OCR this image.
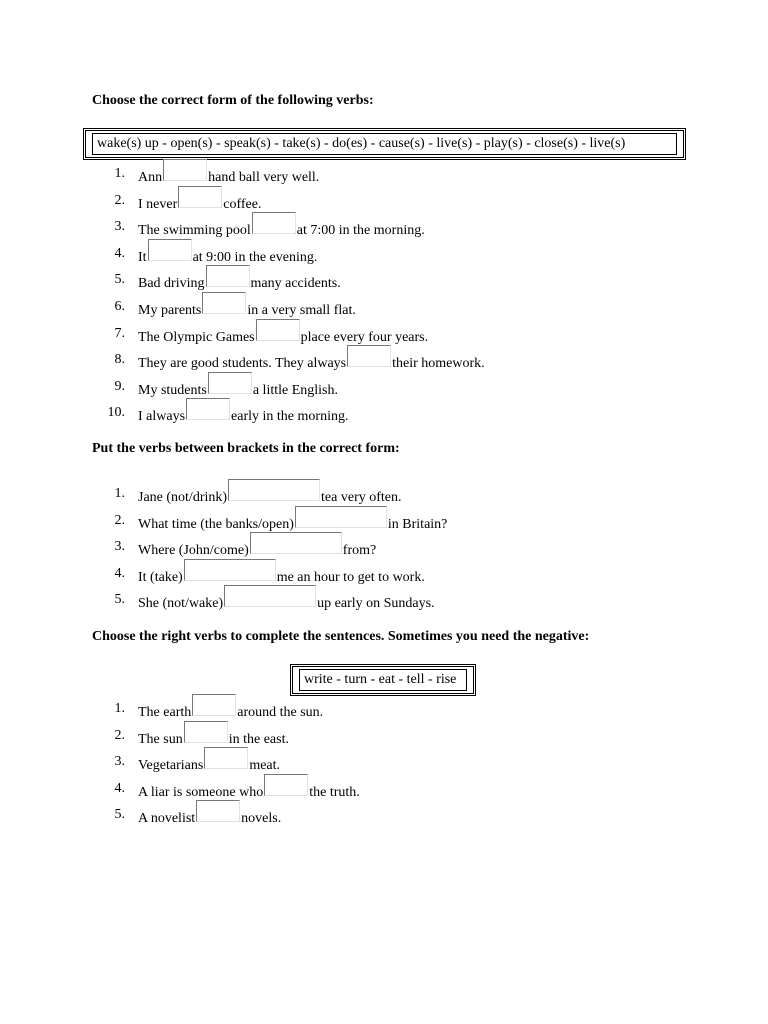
Choose the correct form of the following verbs:
wake(s) up - open(s) - speak(s) - take(s) - do(es) - cause(s) - live(s) - play(s) - close(s) - live(s)
1. Ann	hand ball very well.
2. I never	coffee.
3. The swimming pool	at 7:00 in the morning.
4. It	at 9:00 in the evening.
5. Bad driving	many accidents.
6. My parents	in a very small flat.
7. The Olympic Games	place every four years.
8. They are good students. They always	their homework.
9. My students	a little English.
10. I always	early in the morning.
Put the verbs between brackets in the correct form:
1. Jane (not/drink)	tea very often.
2. What time (the banks/open)	in Britain?
3. Where (John/come)	from?
4. It (take)	me an hour to get to work.
5. She (not/wake)	up early on Sundays.
Choose the right verbs to complete the sentences. Sometimes you need the negative:
write - turn - eat - tell - rise
1. The earth	around the sun.
2. The sun	in the east.
3. Vegetarians	meat.
4. A liar is someone who	the truth.
5. A novelist	novels.
